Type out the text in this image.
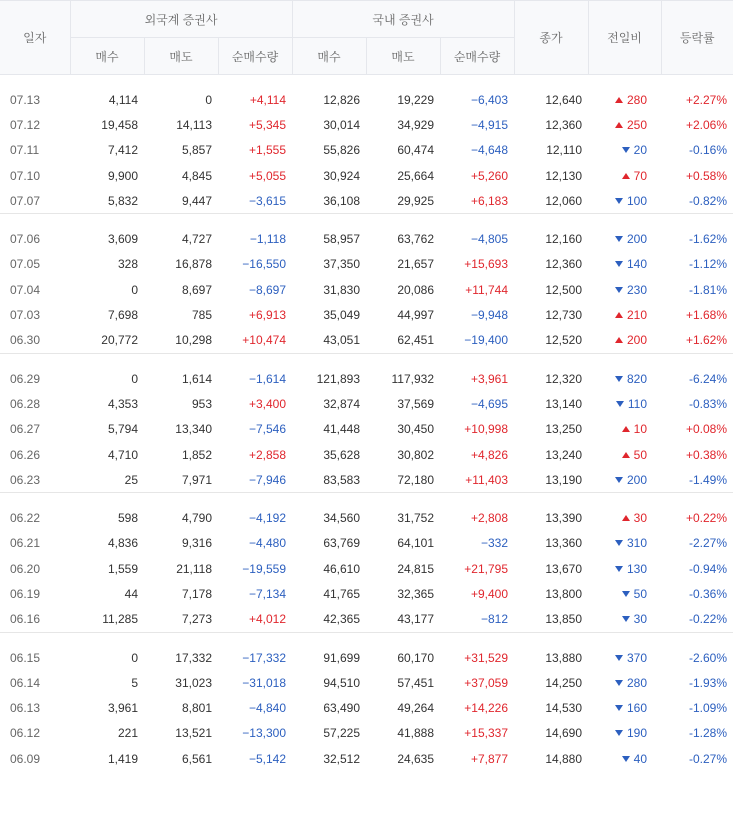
일자	외국계 증권사			국내 증권사			종가	전일비	등락률
	매수	매도	순매수량	매수	매도	순매수량			

07.13	4,114	0	+4,114	12,826	19,229	−6,403	12,640	280	+2.27%
07.12	19,458	14,113	+5,345	30,014	34,929	−4,915	12,360	250	+2.06%
07.11	7,412	5,857	+1,555	55,826	60,474	−4,648	12,110	20	-0.16%
07.10	9,900	4,845	+5,055	30,924	25,664	+5,260	12,130	70	+0.58%
07.07	5,832	9,447	−3,615	36,108	29,925	+6,183	12,060	100	-0.82%

07.06	3,609	4,727	−1,118	58,957	63,762	−4,805	12,160	200	-1.62%
07.05	328	16,878	−16,550	37,350	21,657	+15,693	12,360	140	-1.12%
07.04	0	8,697	−8,697	31,830	20,086	+11,744	12,500	230	-1.81%
07.03	7,698	785	+6,913	35,049	44,997	−9,948	12,730	210	+1.68%
06.30	20,772	10,298	+10,474	43,051	62,451	−19,400	12,520	200	+1.62%

06.29	0	1,614	−1,614	121,893	117,932	+3,961	12,320	820	-6.24%
06.28	4,353	953	+3,400	32,874	37,569	−4,695	13,140	110	-0.83%
06.27	5,794	13,340	−7,546	41,448	30,450	+10,998	13,250	10	+0.08%
06.26	4,710	1,852	+2,858	35,628	30,802	+4,826	13,240	50	+0.38%
06.23	25	7,971	−7,946	83,583	72,180	+11,403	13,190	200	-1.49%

06.22	598	4,790	−4,192	34,560	31,752	+2,808	13,390	30	+0.22%
06.21	4,836	9,316	−4,480	63,769	64,101	−332	13,360	310	-2.27%
06.20	1,559	21,118	−19,559	46,610	24,815	+21,795	13,670	130	-0.94%
06.19	44	7,178	−7,134	41,765	32,365	+9,400	13,800	50	-0.36%
06.16	11,285	7,273	+4,012	42,365	43,177	−812	13,850	30	-0.22%

06.15	0	17,332	−17,332	91,699	60,170	+31,529	13,880	370	-2.60%
06.14	5	31,023	−31,018	94,510	57,451	+37,059	14,250	280	-1.93%
06.13	3,961	8,801	−4,840	63,490	49,264	+14,226	14,530	160	-1.09%
06.12	221	13,521	−13,300	57,225	41,888	+15,337	14,690	190	-1.28%
06.09	1,419	6,561	−5,142	32,512	24,635	+7,877	14,880	40	-0.27%
